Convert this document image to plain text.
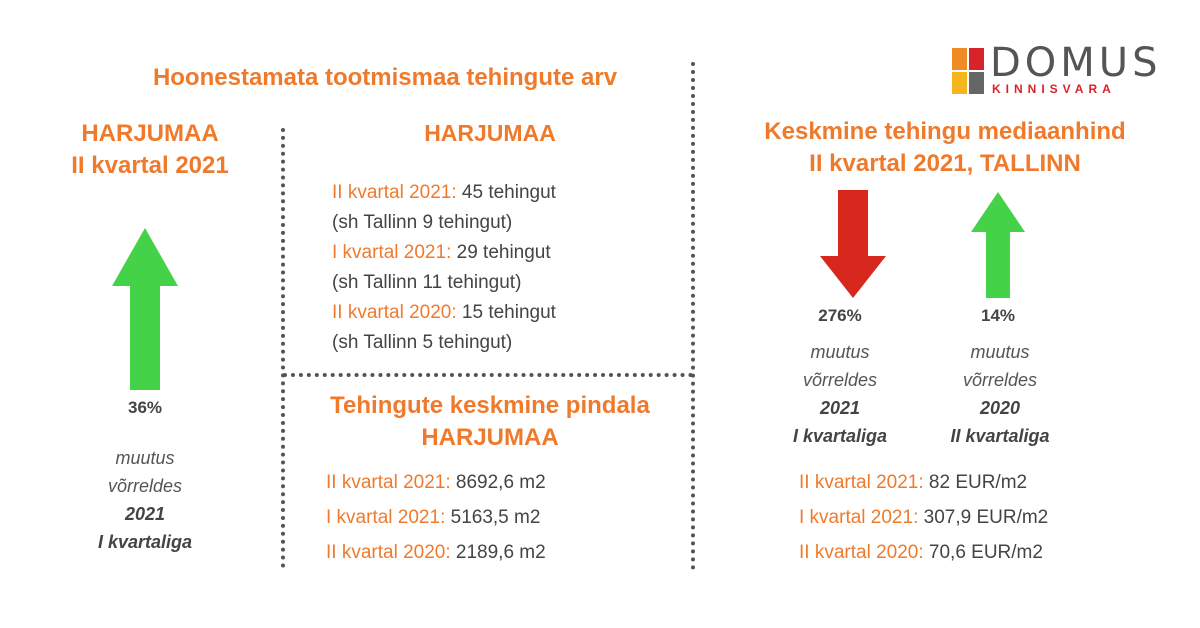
Hoonestamata tootmismaa tehingute arv	DOMUS
KINNISVARA
HARJUMAA
II kvartal 2021
36%
muutus
võrreldes
2021
I kvartaliga
HARJUMAA
II kvartal 2021: 45 tehingut
(sh Tallinn 9 tehingut)
I kvartal 2021: 29 tehingut
(sh Tallinn 11 tehingut)
II kvartal 2020: 15 tehingut
(sh Tallinn 5 tehingut)
Tehingute keskmine pindala
HARJUMAA
II kvartal 2021: 8692,6 m2
I kvartal 2021: 5163,5 m2
II kvartal 2020: 2189,6 m2
Keskmine tehingu mediaanhind
II kvartal 2021, TALLINN
276%	14%
muutus
võrreldes
2021
I kvartaliga
muutus
võrreldes
2020
II kvartaliga
II kvartal 2021: 82 EUR/m2
I kvartal 2021: 307,9 EUR/m2
II kvartal 2020: 70,6 EUR/m2
